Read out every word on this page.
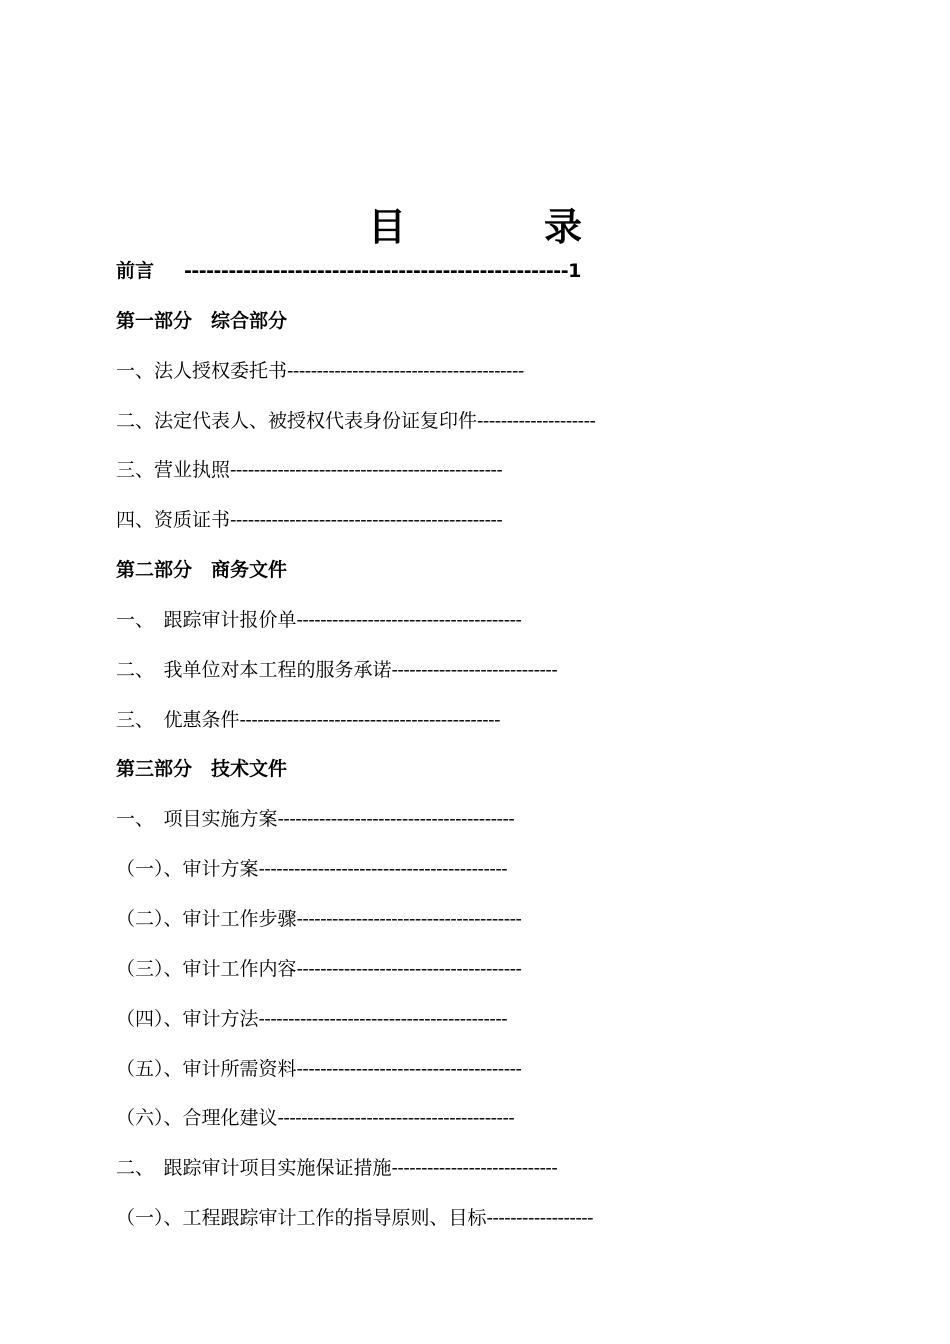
目　录
前言 ----------------------------------------------------1
第一部分　综合部分
一、法人授权委托书----------------------------------------
二、法定代表人、被授权代表身份证复印件--------------------
三、营业执照----------------------------------------------
四、资质证书----------------------------------------------
第二部分　商务文件
一、　跟踪审计报价单--------------------------------------
二、　我单位对本工程的服务承诺----------------------------
三、　优惠条件--------------------------------------------
第三部分　技术文件
一、　项目实施方案----------------------------------------
（一）、审计方案------------------------------------------
（二）、审计工作步骤--------------------------------------
（三）、审计工作内容--------------------------------------
（四）、审计方法------------------------------------------
（五）、审计所需资料--------------------------------------
（六）、合理化建议----------------------------------------
二、　跟踪审计项目实施保证措施----------------------------
（一）、工程跟踪审计工作的指导原则、目标------------------
